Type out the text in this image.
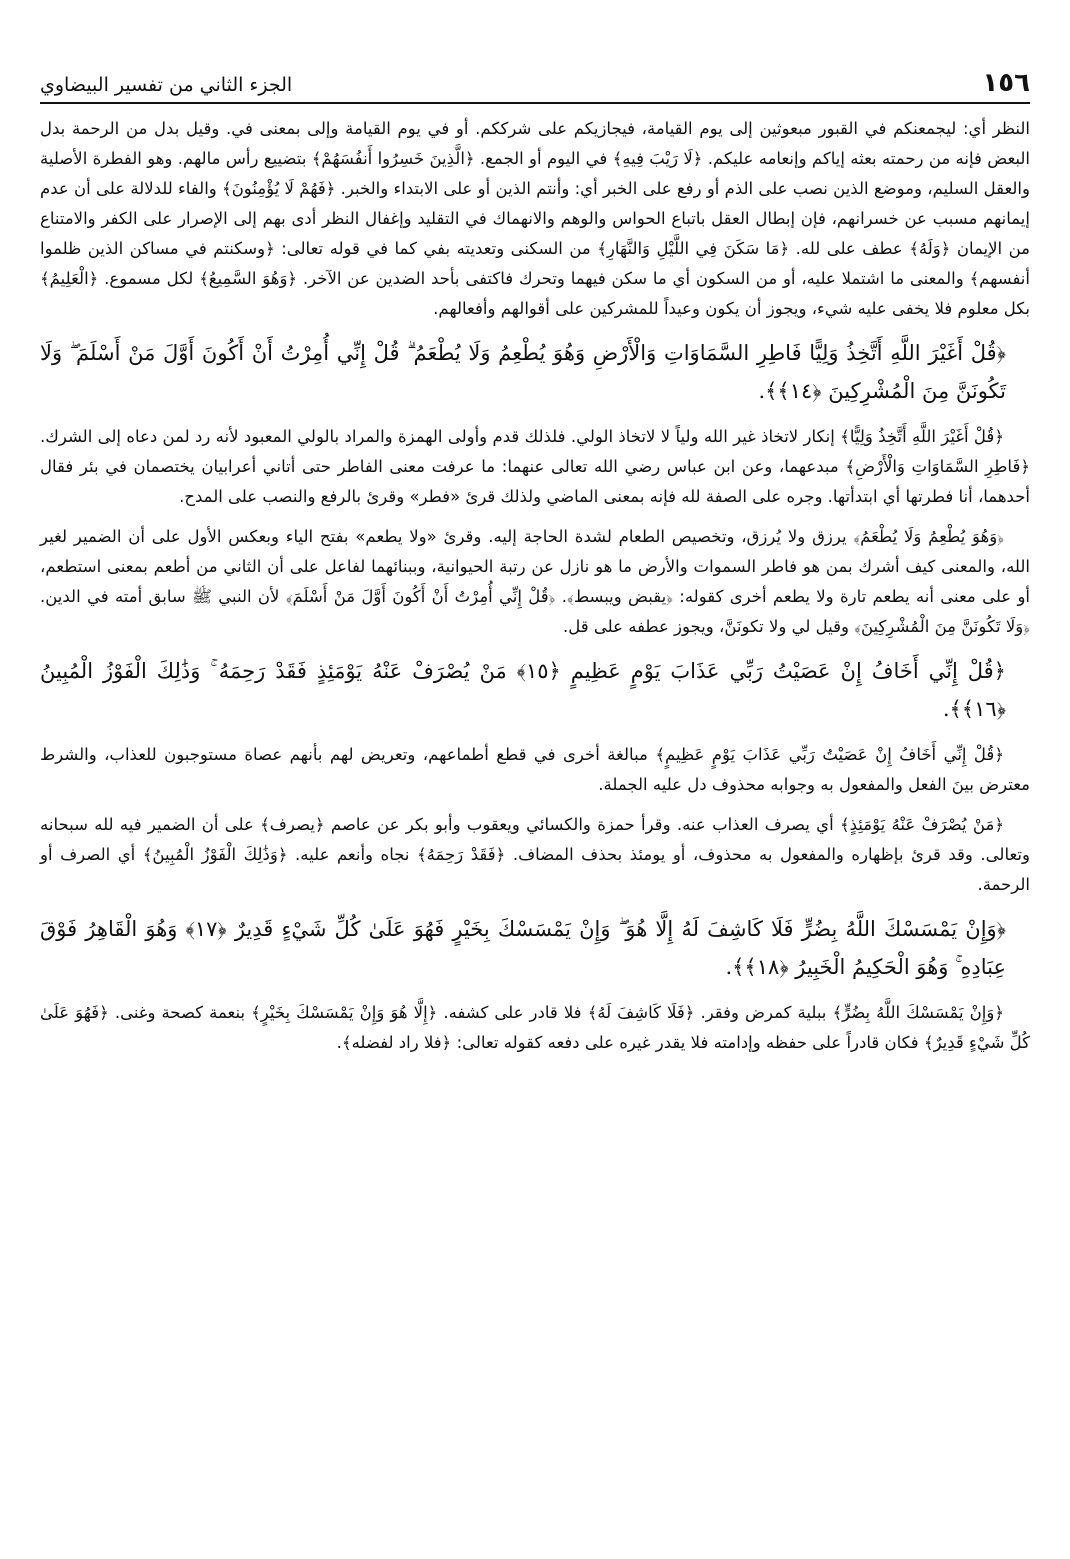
١٥٦
الجزء الثاني من تفسير البيضاوي

النظر أي: ليجمعنكم في القبور مبعوثين إلى يوم القيامة، فيجازيكم على شرككم. أو في يوم القيامة وإلى بمعنى في. وقيل بدل من الرحمة بدل البعض فإنه من رحمته بعثه إياكم وإنعامه عليكم. ﴿لَا رَيْبَ فِيهِ﴾ في اليوم أو الجمع. ﴿الَّذِينَ خَسِرُوا أَنفُسَهُمْ﴾ بتضييع رأس مالهم. وهو الفطرة الأصلية والعقل السليم، وموضع الذين نصب على الذم أو رفع على الخبر أي: وأنتم الذين أو على الابتداء والخبر. ﴿فَهُمْ لَا يُؤْمِنُونَ﴾ والفاء للدلالة على أن عدم إيمانهم مسبب عن خسرانهم، فإن إبطال العقل باتباع الحواس والوهم والانهماك في التقليد وإغفال النظر أدى بهم إلى الإصرار على الكفر والامتناع من الإيمان ﴿وَلَهُ﴾ عطف على لله. ﴿مَا سَكَنَ فِي اللَّيْلِ وَالنَّهَارِ﴾ من السكنى وتعديته بفي كما في قوله تعالى: ﴿وسكنتم في مساكن الذين ظلموا أنفسهم﴾ والمعنى ما اشتملا عليه، أو من السكون أي ما سكن فيهما وتحرك فاكتفى بأحد الضدين عن الآخر. ﴿وَهُوَ السَّمِيعُ﴾ لكل مسموع. ﴿الْعَلِيمُ﴾ بكل معلوم فلا يخفى عليه شيء، ويجوز أن يكون وعيداً للمشركين على أقوالهم وأفعالهم.

﴿قُلْ أَغَيْرَ اللَّهِ أَتَّخِذُ وَلِيًّا فَاطِرِ السَّمَاوَاتِ وَالْأَرْضِ وَهُوَ يُطْعِمُ وَلَا يُطْعَمُ ۗ قُلْ إِنِّي أُمِرْتُ أَنْ أَكُونَ أَوَّلَ مَنْ أَسْلَمَ ۖ وَلَا تَكُونَنَّ مِنَ الْمُشْرِكِينَ ﴿١٤﴾﴾.

﴿قُلْ أَغَيْرَ اللَّهِ أَتَّخِذُ وَلِيًّا﴾ إنكار لاتخاذ غير الله ولياً لا لاتخاذ الولي. فلذلك قدم وأولى الهمزة والمراد بالولي المعبود لأنه رد لمن دعاه إلى الشرك. ﴿فَاطِرِ السَّمَاوَاتِ وَالْأَرْضِ﴾ مبدعهما، وعن ابن عباس رضي الله تعالى عنهما: ما عرفت معنى الفاطر حتى أتاني أعرابيان يختصمان في بئر فقال أحدهما، أنا فطرتها أي ابتدأتها. وجره على الصفة لله فإنه بمعنى الماضي ولذلك قرئ «فطر» وقرئ بالرفع والنصب على المدح.

﴿وَهُوَ يُطْعِمُ وَلَا يُطْعَمُ﴾ يرزق ولا يُرزق، وتخصيص الطعام لشدة الحاجة إليه. وقرئ «ولا يطعم» بفتح الياء وبعكس الأول على أن الضمير لغير الله، والمعنى كيف أشرك بمن هو فاطر السموات والأرض ما هو نازل عن رتبة الحيوانية، وببنائهما لفاعل على أن الثاني من أطعم بمعنى استطعم، أو على معنى أنه يطعم تارة ولا يطعم أخرى كقوله: ﴿يقبض ويبسط﴾. ﴿قُلْ إِنِّي أُمِرْتُ أَنْ أَكُونَ أَوَّلَ مَنْ أَسْلَمَ﴾ لأن النبي ﷺ سابق أمته في الدين. ﴿وَلَا تَكُونَنَّ مِنَ الْمُشْرِكِينَ﴾ وقيل لي ولا تكونَنَّ، ويجوز عطفه على قل.

﴿قُلْ إِنِّي أَخَافُ إِنْ عَصَيْتُ رَبِّي عَذَابَ يَوْمٍ عَظِيمٍ ﴿١٥﴾ مَنْ يُصْرَفْ عَنْهُ يَوْمَئِذٍ فَقَدْ رَحِمَهُ ۚ وَذَٰلِكَ الْفَوْزُ الْمُبِينُ ﴿١٦﴾﴾.

﴿قُلْ إِنِّي أَخَافُ إِنْ عَصَيْتُ رَبِّي عَذَابَ يَوْمٍ عَظِيمٍ﴾ مبالغة أخرى في قطع أطماعهم، وتعريض لهم بأنهم عصاة مستوجبون للعذاب، والشرط معترض بينَ الفعل والمفعول به وجوابه محذوف دل عليه الجملة.

﴿مَنْ يُصْرَفْ عَنْهُ يَوْمَئِذٍ﴾ أي يصرف العذاب عنه. وقرأ حمزة والكسائي ويعقوب وأبو بكر عن عاصم ﴿يصرف﴾ على أن الضمير فيه لله سبحانه وتعالى. وقد قرئ بإظهاره والمفعول به محذوف، أو يومئذ بحذف المضاف. ﴿فَقَدْ رَحِمَهُ﴾ نجاه وأنعم عليه. ﴿وَذَٰلِكَ الْفَوْزُ الْمُبِينُ﴾ أي الصرف أو الرحمة.

﴿وَإِنْ يَمْسَسْكَ اللَّهُ بِضُرٍّ فَلَا كَاشِفَ لَهُ إِلَّا هُوَ ۖ وَإِنْ يَمْسَسْكَ بِخَيْرٍ فَهُوَ عَلَىٰ كُلِّ شَيْءٍ قَدِيرٌ ﴿١٧﴾ وَهُوَ الْقَاهِرُ فَوْقَ عِبَادِهِ ۚ وَهُوَ الْحَكِيمُ الْخَبِيرُ ﴿١٨﴾﴾.

﴿وَإِنْ يَمْسَسْكَ اللَّهُ بِضُرٍّ﴾ ببلية كمرض وفقر. ﴿فَلَا كَاشِفَ لَهُ﴾ فلا قادر على كشفه. ﴿إِلَّا هُوَ وَإِنْ يَمْسَسْكَ بِخَيْرٍ﴾ بنعمة كصحة وغنى. ﴿فَهُوَ عَلَىٰ كُلِّ شَيْءٍ قَدِيرٌ﴾ فكان قادراً على حفظه وإدامته فلا يقدر غيره على دفعه كقوله تعالى: ﴿فلا راد لفضله﴾.
